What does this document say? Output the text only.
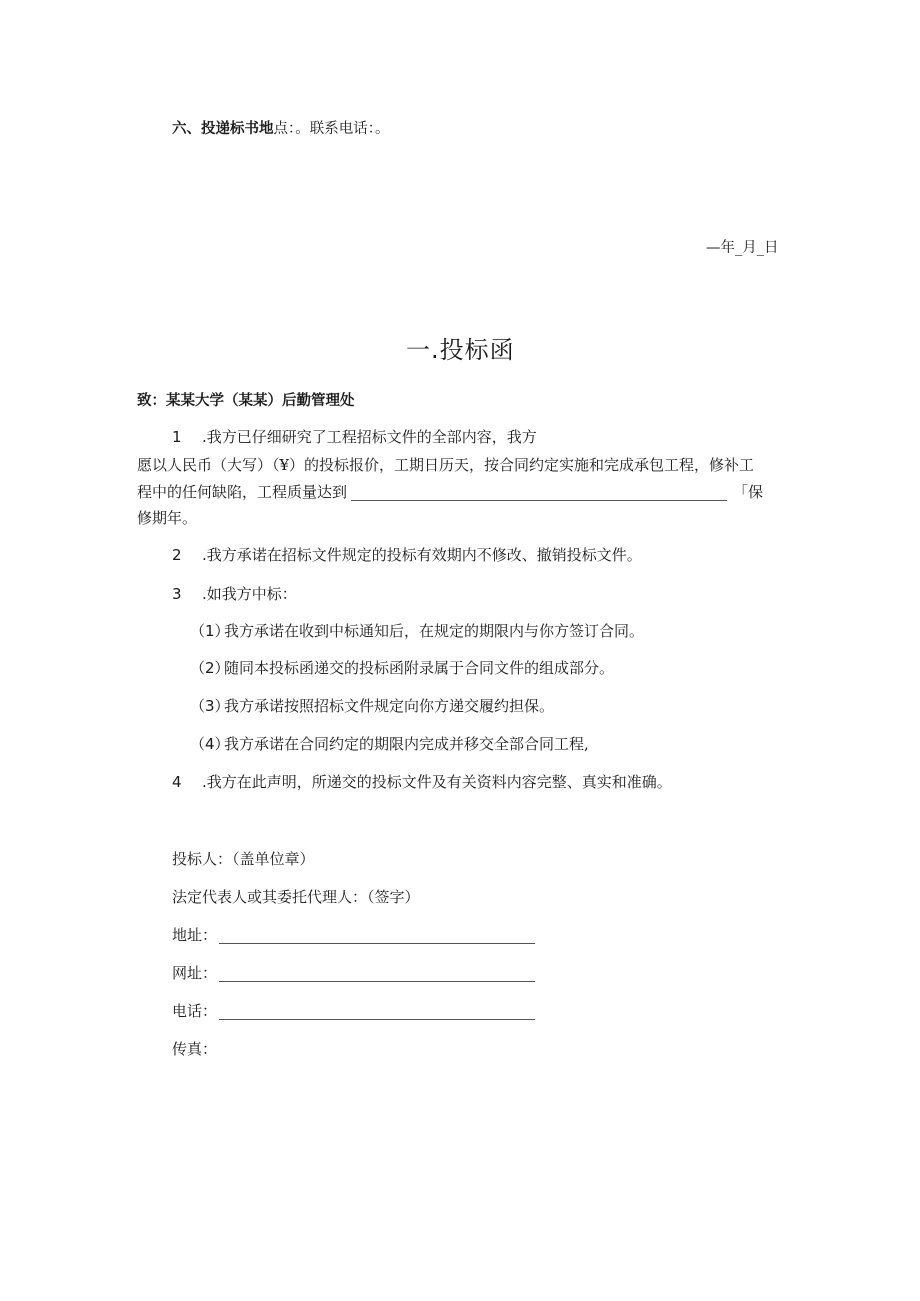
六、投递标书地点：。联系电话：。
—年_月_日
一.投标函
致：某某大学（某某）后勤管理处
1 .我方已仔细研究了工程招标文件的全部内容，我方
愿以人民币（大写）（¥）的投标报价，工期日历天，按合同约定实施和完成承包工程，修补工
程中的任何缺陷，工程质量达到	「保
修期年。
2 .我方承诺在招标文件规定的投标有效期内不修改、撤销投标文件。
3 .如我方中标：
（1）我方承诺在收到中标通知后，在规定的期限内与你方签订合同。
（2）随同本投标函递交的投标函附录属于合同文件的组成部分。
（3）我方承诺按照招标文件规定向你方递交履约担保。
（4）我方承诺在合同约定的期限内完成并移交全部合同工程,
4 .我方在此声明，所递交的投标文件及有关资料内容完整、真实和准确。
投标人：（盖单位章）
法定代表人或其委托代理人：（签字）
地址：
网址：
电话：
传真：
